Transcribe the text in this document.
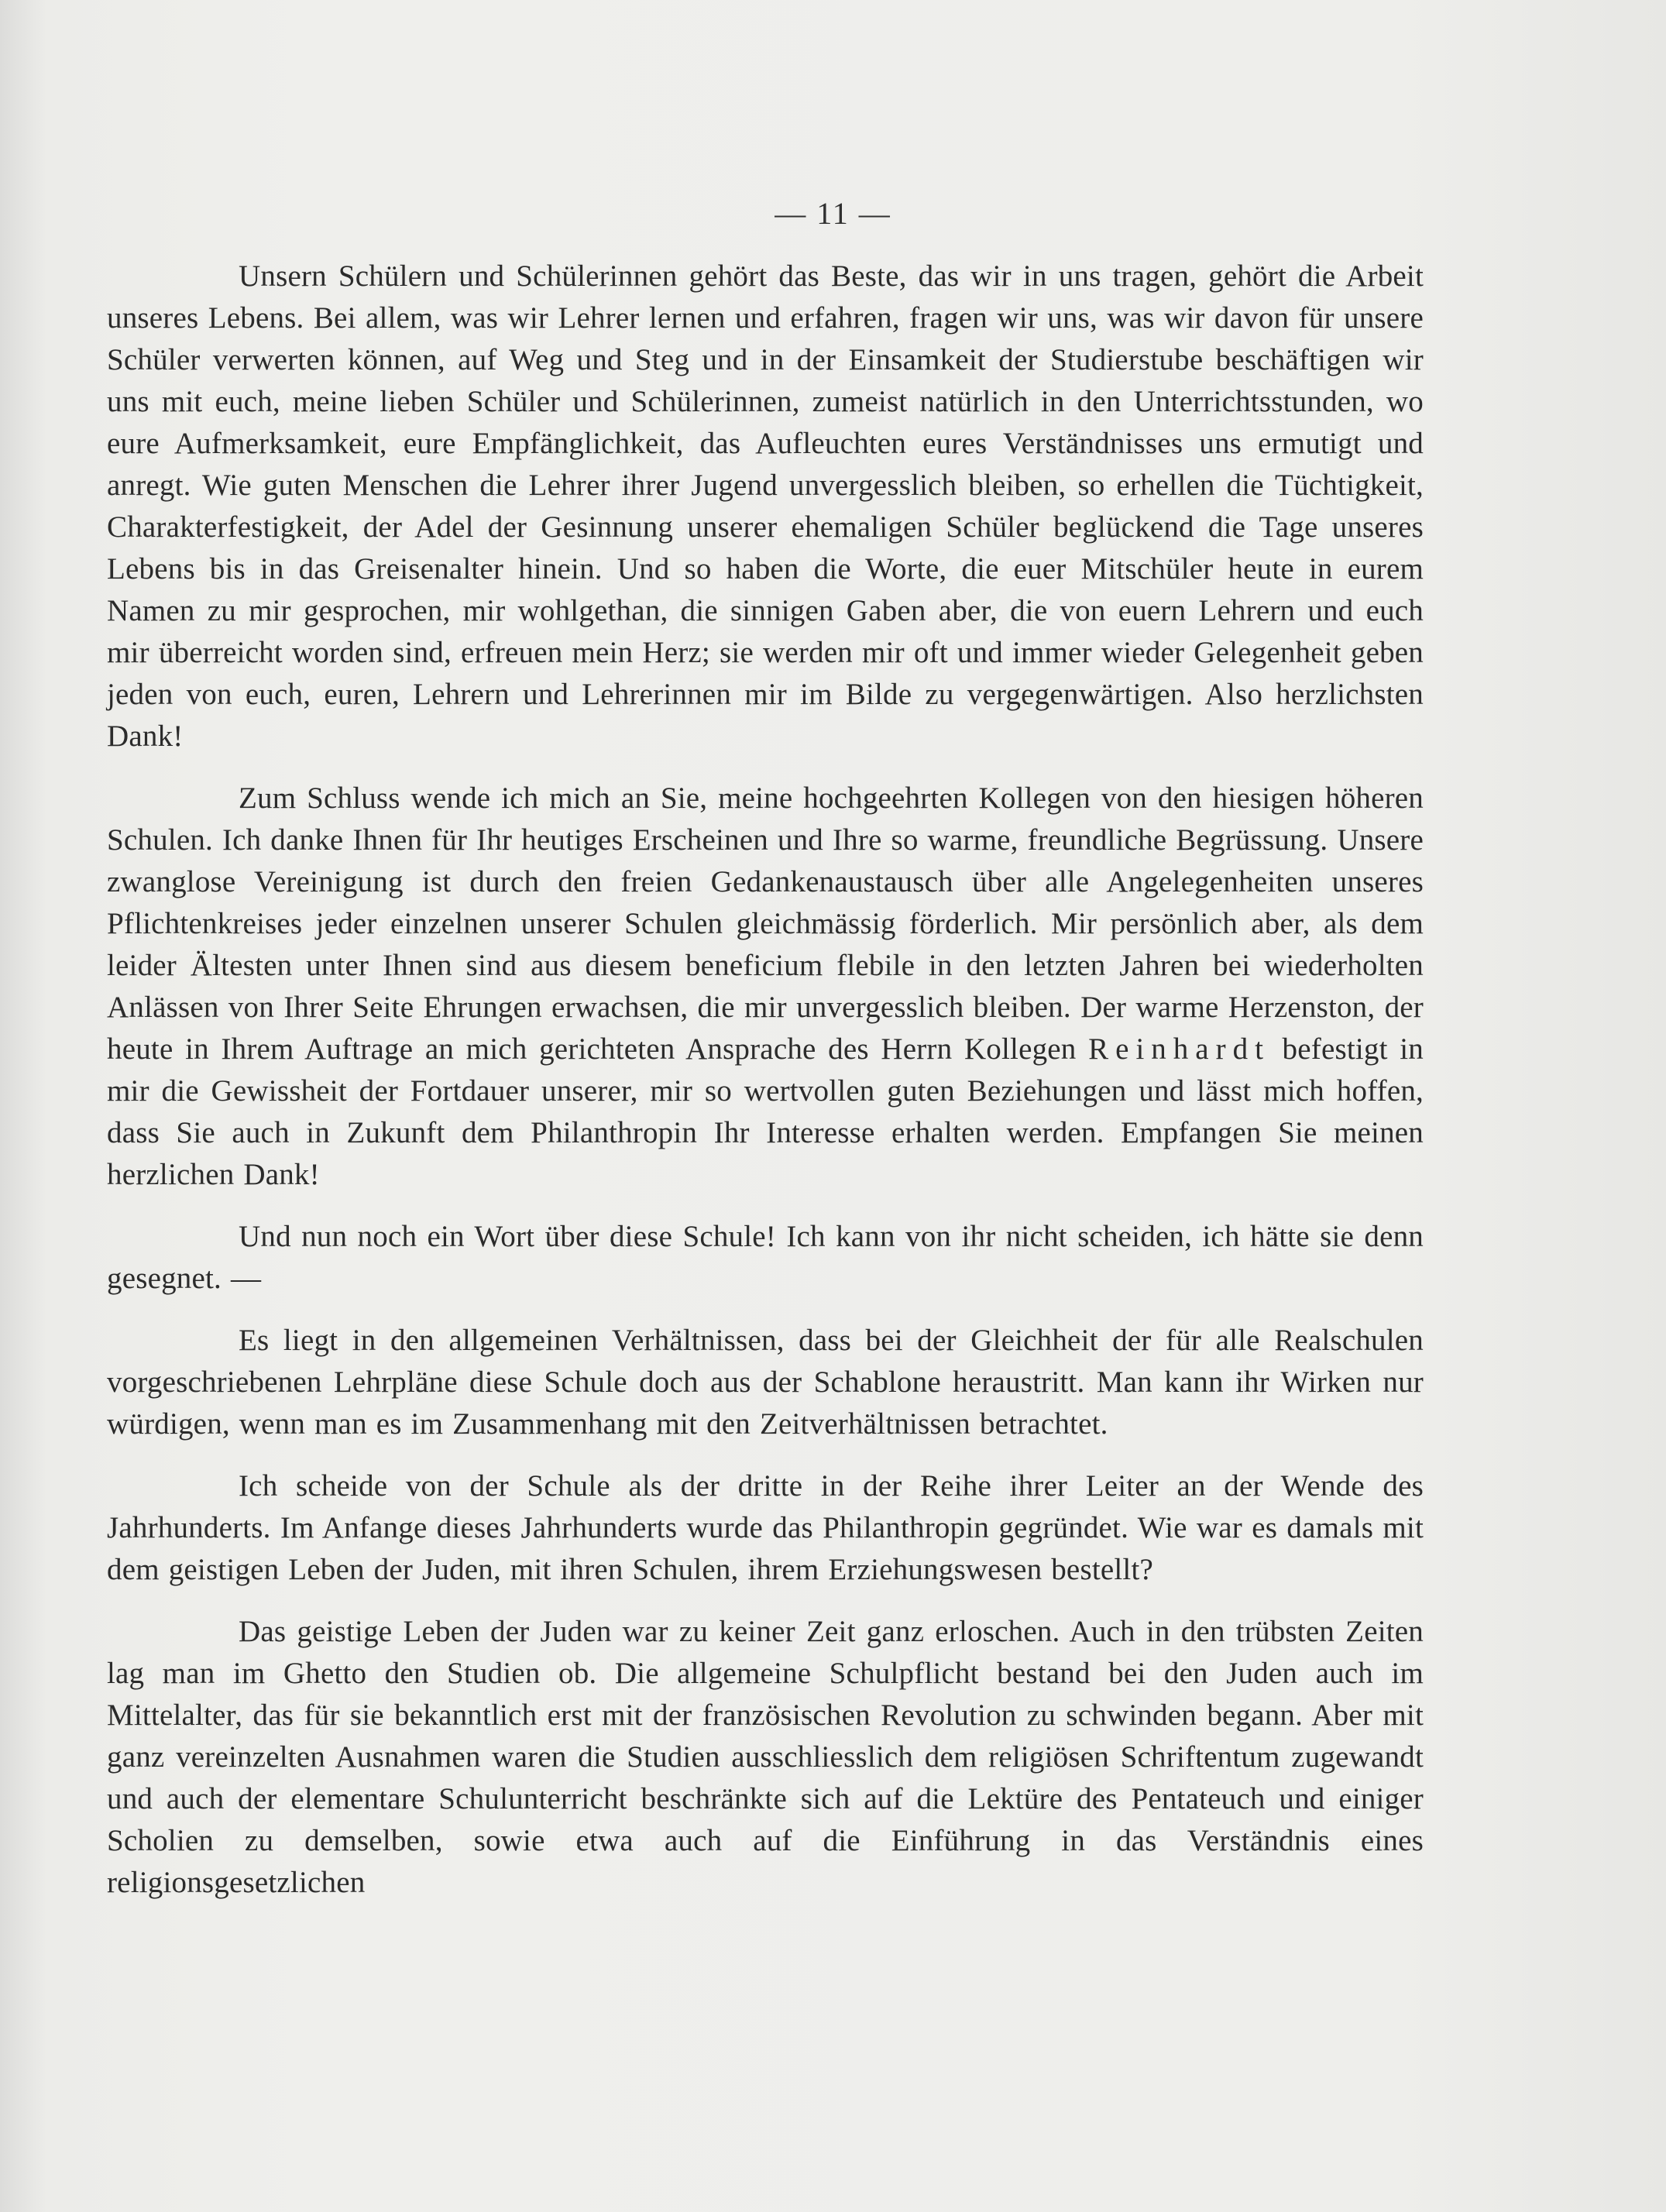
— 11 —

Unsern Schülern und Schülerinnen gehört das Beste, das wir in uns tragen, gehört die Arbeit unseres Lebens. Bei allem, was wir Lehrer lernen und erfahren, fragen wir uns, was wir davon für unsere Schüler verwerten können, auf Weg und Steg und in der Einsamkeit der Studierstube beschäftigen wir uns mit euch, meine lieben Schüler und Schülerinnen, zumeist natürlich in den Unterrichtsstunden, wo eure Aufmerksamkeit, eure Empfänglichkeit, das Aufleuchten eures Verständnisses uns ermutigt und anregt. Wie guten Menschen die Lehrer ihrer Jugend unvergesslich bleiben, so erhellen die Tüchtigkeit, Charakterfestigkeit, der Adel der Gesinnung unserer ehemaligen Schüler beglückend die Tage unseres Lebens bis in das Greisenalter hinein. Und so haben die Worte, die euer Mitschüler heute in eurem Namen zu mir gesprochen, mir wohlgethan, die sinnigen Gaben aber, die von euern Lehrern und euch mir überreicht worden sind, erfreuen mein Herz; sie werden mir oft und immer wieder Gelegenheit geben jeden von euch, euren, Lehrern und Lehrerinnen mir im Bilde zu vergegenwärtigen. Also herzlichsten Dank!

Zum Schluss wende ich mich an Sie, meine hochgeehrten Kollegen von den hiesigen höheren Schulen. Ich danke Ihnen für Ihr heutiges Erscheinen und Ihre so warme, freundliche Begrüssung. Unsere zwanglose Vereinigung ist durch den freien Gedankenaustausch über alle Angelegenheiten unseres Pflichtenkreises jeder einzelnen unserer Schulen gleichmässig förderlich. Mir persönlich aber, als dem leider Ältesten unter Ihnen sind aus diesem beneficium flebile in den letzten Jahren bei wiederholten Anlässen von Ihrer Seite Ehrungen erwachsen, die mir unvergesslich bleiben. Der warme Herzenston, der heute in Ihrem Auftrage an mich gerichteten Ansprache des Herrn Kollegen Reinhardt befestigt in mir die Gewissheit der Fortdauer unserer, mir so wertvollen guten Beziehungen und lässt mich hoffen, dass Sie auch in Zukunft dem Philanthropin Ihr Interesse erhalten werden. Empfangen Sie meinen herzlichen Dank!

Und nun noch ein Wort über diese Schule! Ich kann von ihr nicht scheiden, ich hätte sie denn gesegnet. —

Es liegt in den allgemeinen Verhältnissen, dass bei der Gleichheit der für alle Realschulen vorgeschriebenen Lehrpläne diese Schule doch aus der Schablone heraustritt. Man kann ihr Wirken nur würdigen, wenn man es im Zusammenhang mit den Zeitverhältnissen betrachtet.

Ich scheide von der Schule als der dritte in der Reihe ihrer Leiter an der Wende des Jahrhunderts. Im Anfange dieses Jahrhunderts wurde das Philanthropin gegründet. Wie war es damals mit dem geistigen Leben der Juden, mit ihren Schulen, ihrem Erziehungswesen bestellt?

Das geistige Leben der Juden war zu keiner Zeit ganz erloschen. Auch in den trübsten Zeiten lag man im Ghetto den Studien ob. Die allgemeine Schulpflicht bestand bei den Juden auch im Mittelalter, das für sie bekanntlich erst mit der französischen Revolution zu schwinden begann. Aber mit ganz vereinzelten Ausnahmen waren die Studien ausschliesslich dem religiösen Schriftentum zugewandt und auch der elementare Schulunterricht beschränkte sich auf die Lektüre des Pentateuch und einiger Scholien zu demselben, sowie etwa auch auf die Einführung in das Verständnis eines religionsgesetzlichen
